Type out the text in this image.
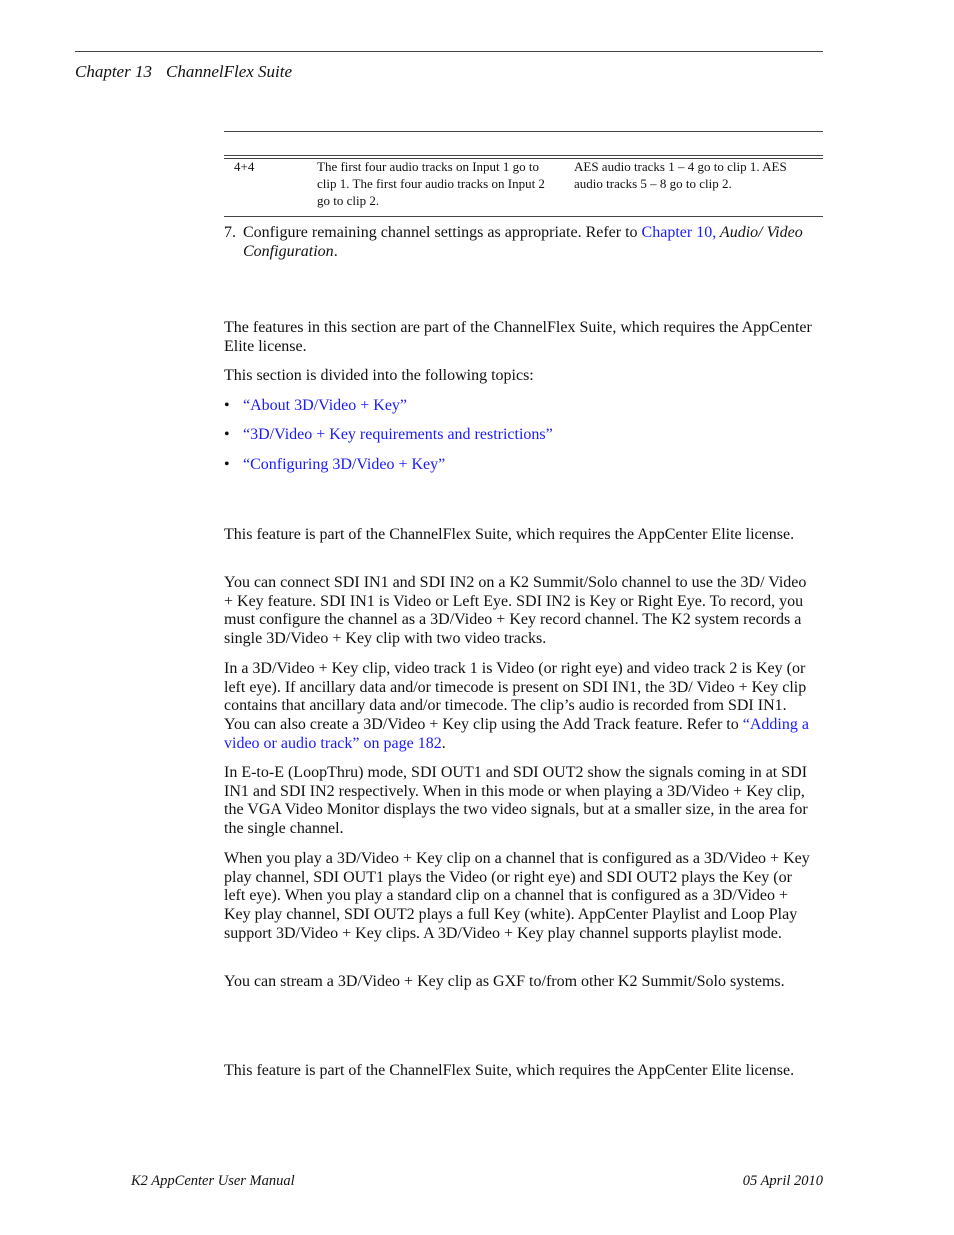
Chapter 13 ChannelFlex Suite
4+4	The first four audio tracks on Input 1 go to clip 1. The first four audio tracks on Input 2 go to clip 2.
AES audio tracks 1 – 4 go to clip 1. AES audio tracks 5 – 8 go to clip 2.
7. Configure remaining channel settings as appropriate. Refer to Chapter 10, Audio/ Video Configuration.

The features in this section are part of the ChannelFlex Suite, which requires the AppCenter Elite license.

This section is divided into the following topics:

• “About 3D/Video + Key”
• “3D/Video + Key requirements and restrictions”
• “Configuring 3D/Video + Key”

This feature is part of the ChannelFlex Suite, which requires the AppCenter Elite license.

You can connect SDI IN1 and SDI IN2 on a K2 Summit/Solo channel to use the 3D/ Video + Key feature. SDI IN1 is Video or Left Eye. SDI IN2 is Key or Right Eye. To record, you must configure the channel as a 3D/Video + Key record channel. The K2 system records a single 3D/Video + Key clip with two video tracks.

In a 3D/Video + Key clip, video track 1 is Video (or right eye) and video track 2 is Key (or left eye). If ancillary data and/or timecode is present on SDI IN1, the 3D/ Video + Key clip contains that ancillary data and/or timecode. The clip’s audio is recorded from SDI IN1. You can also create a 3D/Video + Key clip using the Add Track feature. Refer to “Adding a video or audio track” on page 182.

In E-to-E (LoopThru) mode, SDI OUT1 and SDI OUT2 show the signals coming in at SDI IN1 and SDI IN2 respectively. When in this mode or when playing a 3D/Video + Key clip, the VGA Video Monitor displays the two video signals, but at a smaller size, in the area for the single channel.

When you play a 3D/Video + Key clip on a channel that is configured as a 3D/Video + Key play channel, SDI OUT1 plays the Video (or right eye) and SDI OUT2 plays the Key (or left eye). When you play a standard clip on a channel that is configured as a 3D/Video + Key play channel, SDI OUT2 plays a full Key (white). AppCenter Playlist and Loop Play support 3D/Video + Key clips. A 3D/Video + Key play channel supports playlist mode.

You can stream a 3D/Video + Key clip as GXF to/from other K2 Summit/Solo systems.

This feature is part of the ChannelFlex Suite, which requires the AppCenter Elite license.

K2 AppCenter User Manual	05 April 2010
